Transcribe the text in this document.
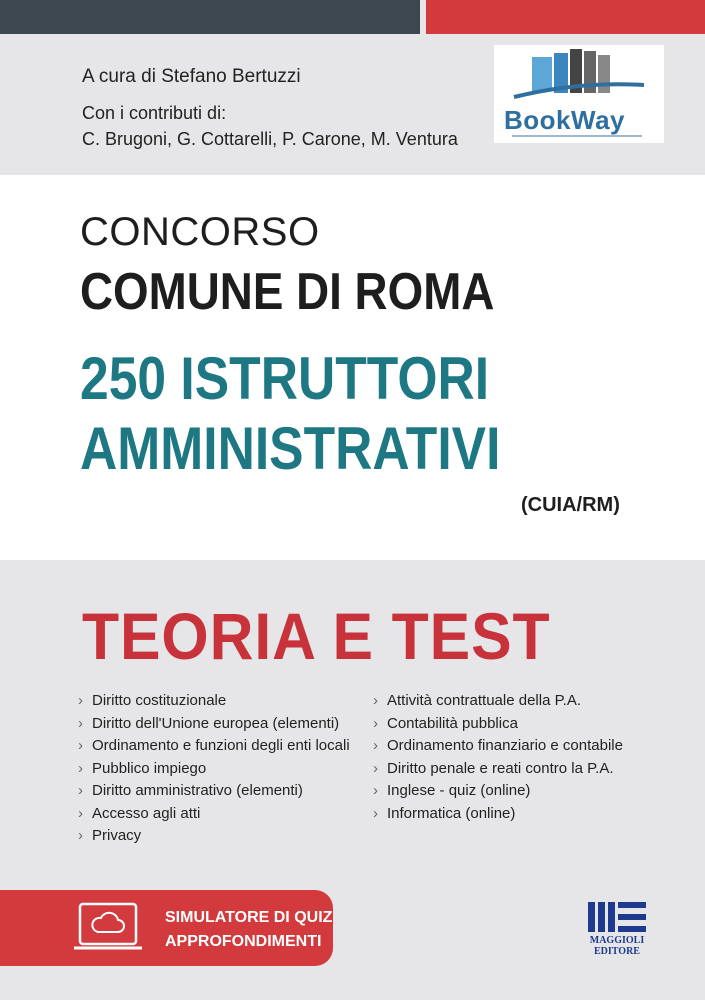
A cura di Stefano Bertuzzi
Con i contributi di:
C. Brugoni, G. Cottarelli, P. Carone, M. Ventura
BookWay
CONCORSO
COMUNE DI ROMA
250 ISTRUTTORI
AMMINISTRATIVI
(CUIA/RM)
TEORIA E TEST
› Diritto costituzionale
› Diritto dell'Unione europea (elementi)
› Ordinamento e funzioni degli enti locali
› Pubblico impiego
› Diritto amministrativo (elementi)
› Accesso agli atti
› Privacy
› Attività contrattuale della P.A.
› Contabilità pubblica
› Ordinamento finanziario e contabile
› Diritto penale e reati contro la P.A.
› Inglese - quiz (online)
› Informatica (online)
SIMULATORE DI QUIZ
APPROFONDIMENTI	MAGGIOLI
EDITORE
